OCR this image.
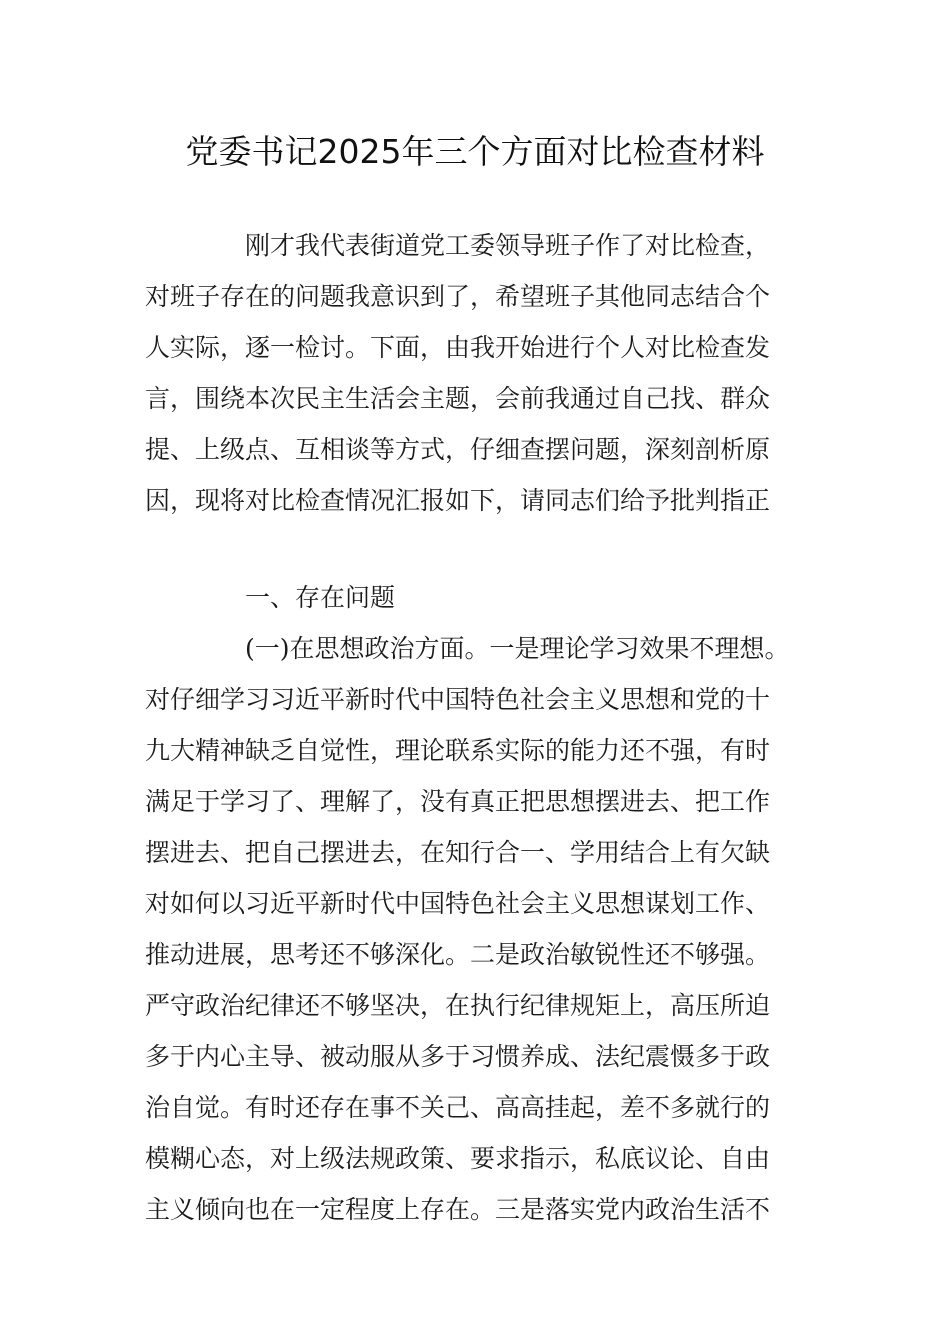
党委书记2025年三个方面对比检查材料
刚才我代表街道党工委领导班子作了对比检查，
对班子存在的问题我意识到了，希望班子其他同志结合个
人实际，逐一检讨。下面，由我开始进行个人对比检查发
言，围绕本次民主生活会主题，会前我通过自己找、群众
提、上级点、互相谈等方式，仔细查摆问题，深刻剖析原
因，现将对比检查情况汇报如下，请同志们给予批判指正
一、存在问题
(一)在思想政治方面。一是理论学习效果不理想。
对仔细学习习近平新时代中国特色社会主义思想和党的十
九大精神缺乏自觉性，理论联系实际的能力还不强，有时
满足于学习了、理解了，没有真正把思想摆进去、把工作
摆进去、把自己摆进去，在知行合一、学用结合上有欠缺
对如何以习近平新时代中国特色社会主义思想谋划工作、
推动进展，思考还不够深化。二是政治敏锐性还不够强。
严守政治纪律还不够坚决，在执行纪律规矩上，高压所迫
多于内心主导、被动服从多于习惯养成、法纪震慑多于政
治自觉。有时还存在事不关己、高高挂起，差不多就行的
模糊心态，对上级法规政策、要求指示，私底议论、自由
主义倾向也在一定程度上存在。三是落实党内政治生活不
